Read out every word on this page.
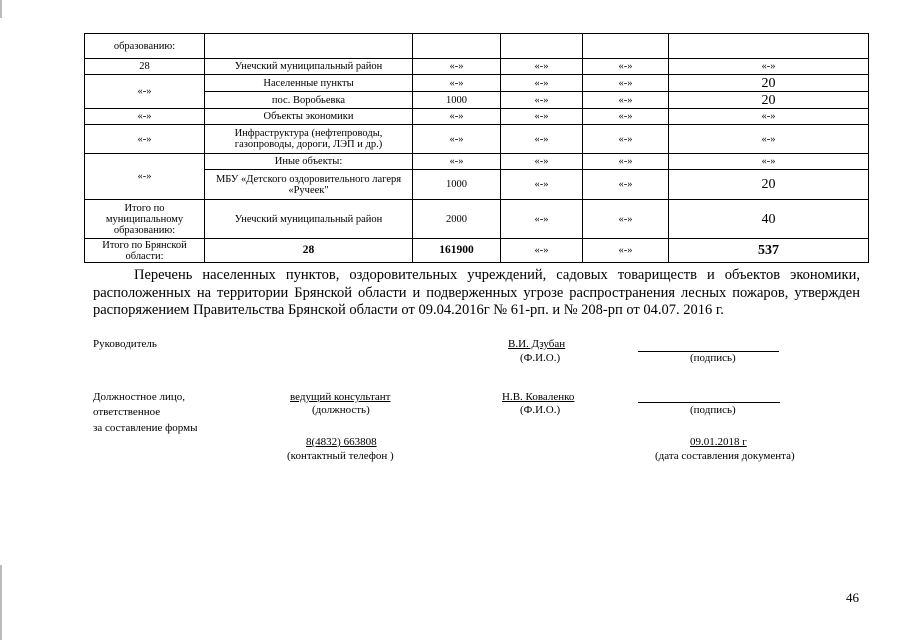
образованию:					
28	Унечский муниципальный район	«-»	«-»	«-»	«-»
«-»	Населенные пункты	«-»	«-»	«-»	20
	пос. Воробьевка	1000	«-»	«-»	20
«-»	Объекты экономики	«-»	«-»	«-»	«-»
«-»	Инфраструктура (нефтепроводы, газопроводы, дороги, ЛЭП и др.)	«-»	«-»	«-»	«-»
«-»	Иные объекты:	«-»	«-»	«-»	«-»
	МБУ «Детского оздоровительного лагеря «Ручеек"	1000	«-»	«-»	20
Итого по муниципальному образованию:	Унечский муниципальный район	2000	«-»	«-»	40
Итого по Брянской области:	28	161900	«-»	«-»	537

Перечень населенных пунктов, оздоровительных учреждений, садовых товариществ и объектов экономики, расположенных на территории Брянской области и подверженных угрозе распространения лесных пожаров, утвержден распоряжением Правительства Брянской области от 09.04.2016г № 61-рп. и № 208-рп от 04.07. 2016 г.

Руководитель	В.И. Дзубан
(Ф.И.О.)	(подпись)
Должностное лицо,
ответственное
за составление формы
ведущий консультант
(должность)
Н.В. Коваленко
(Ф.И.О.)	(подпись)
8(4832) 663808
(контактный телефон )
09.01.2018 г
(дата составления документа)
46
